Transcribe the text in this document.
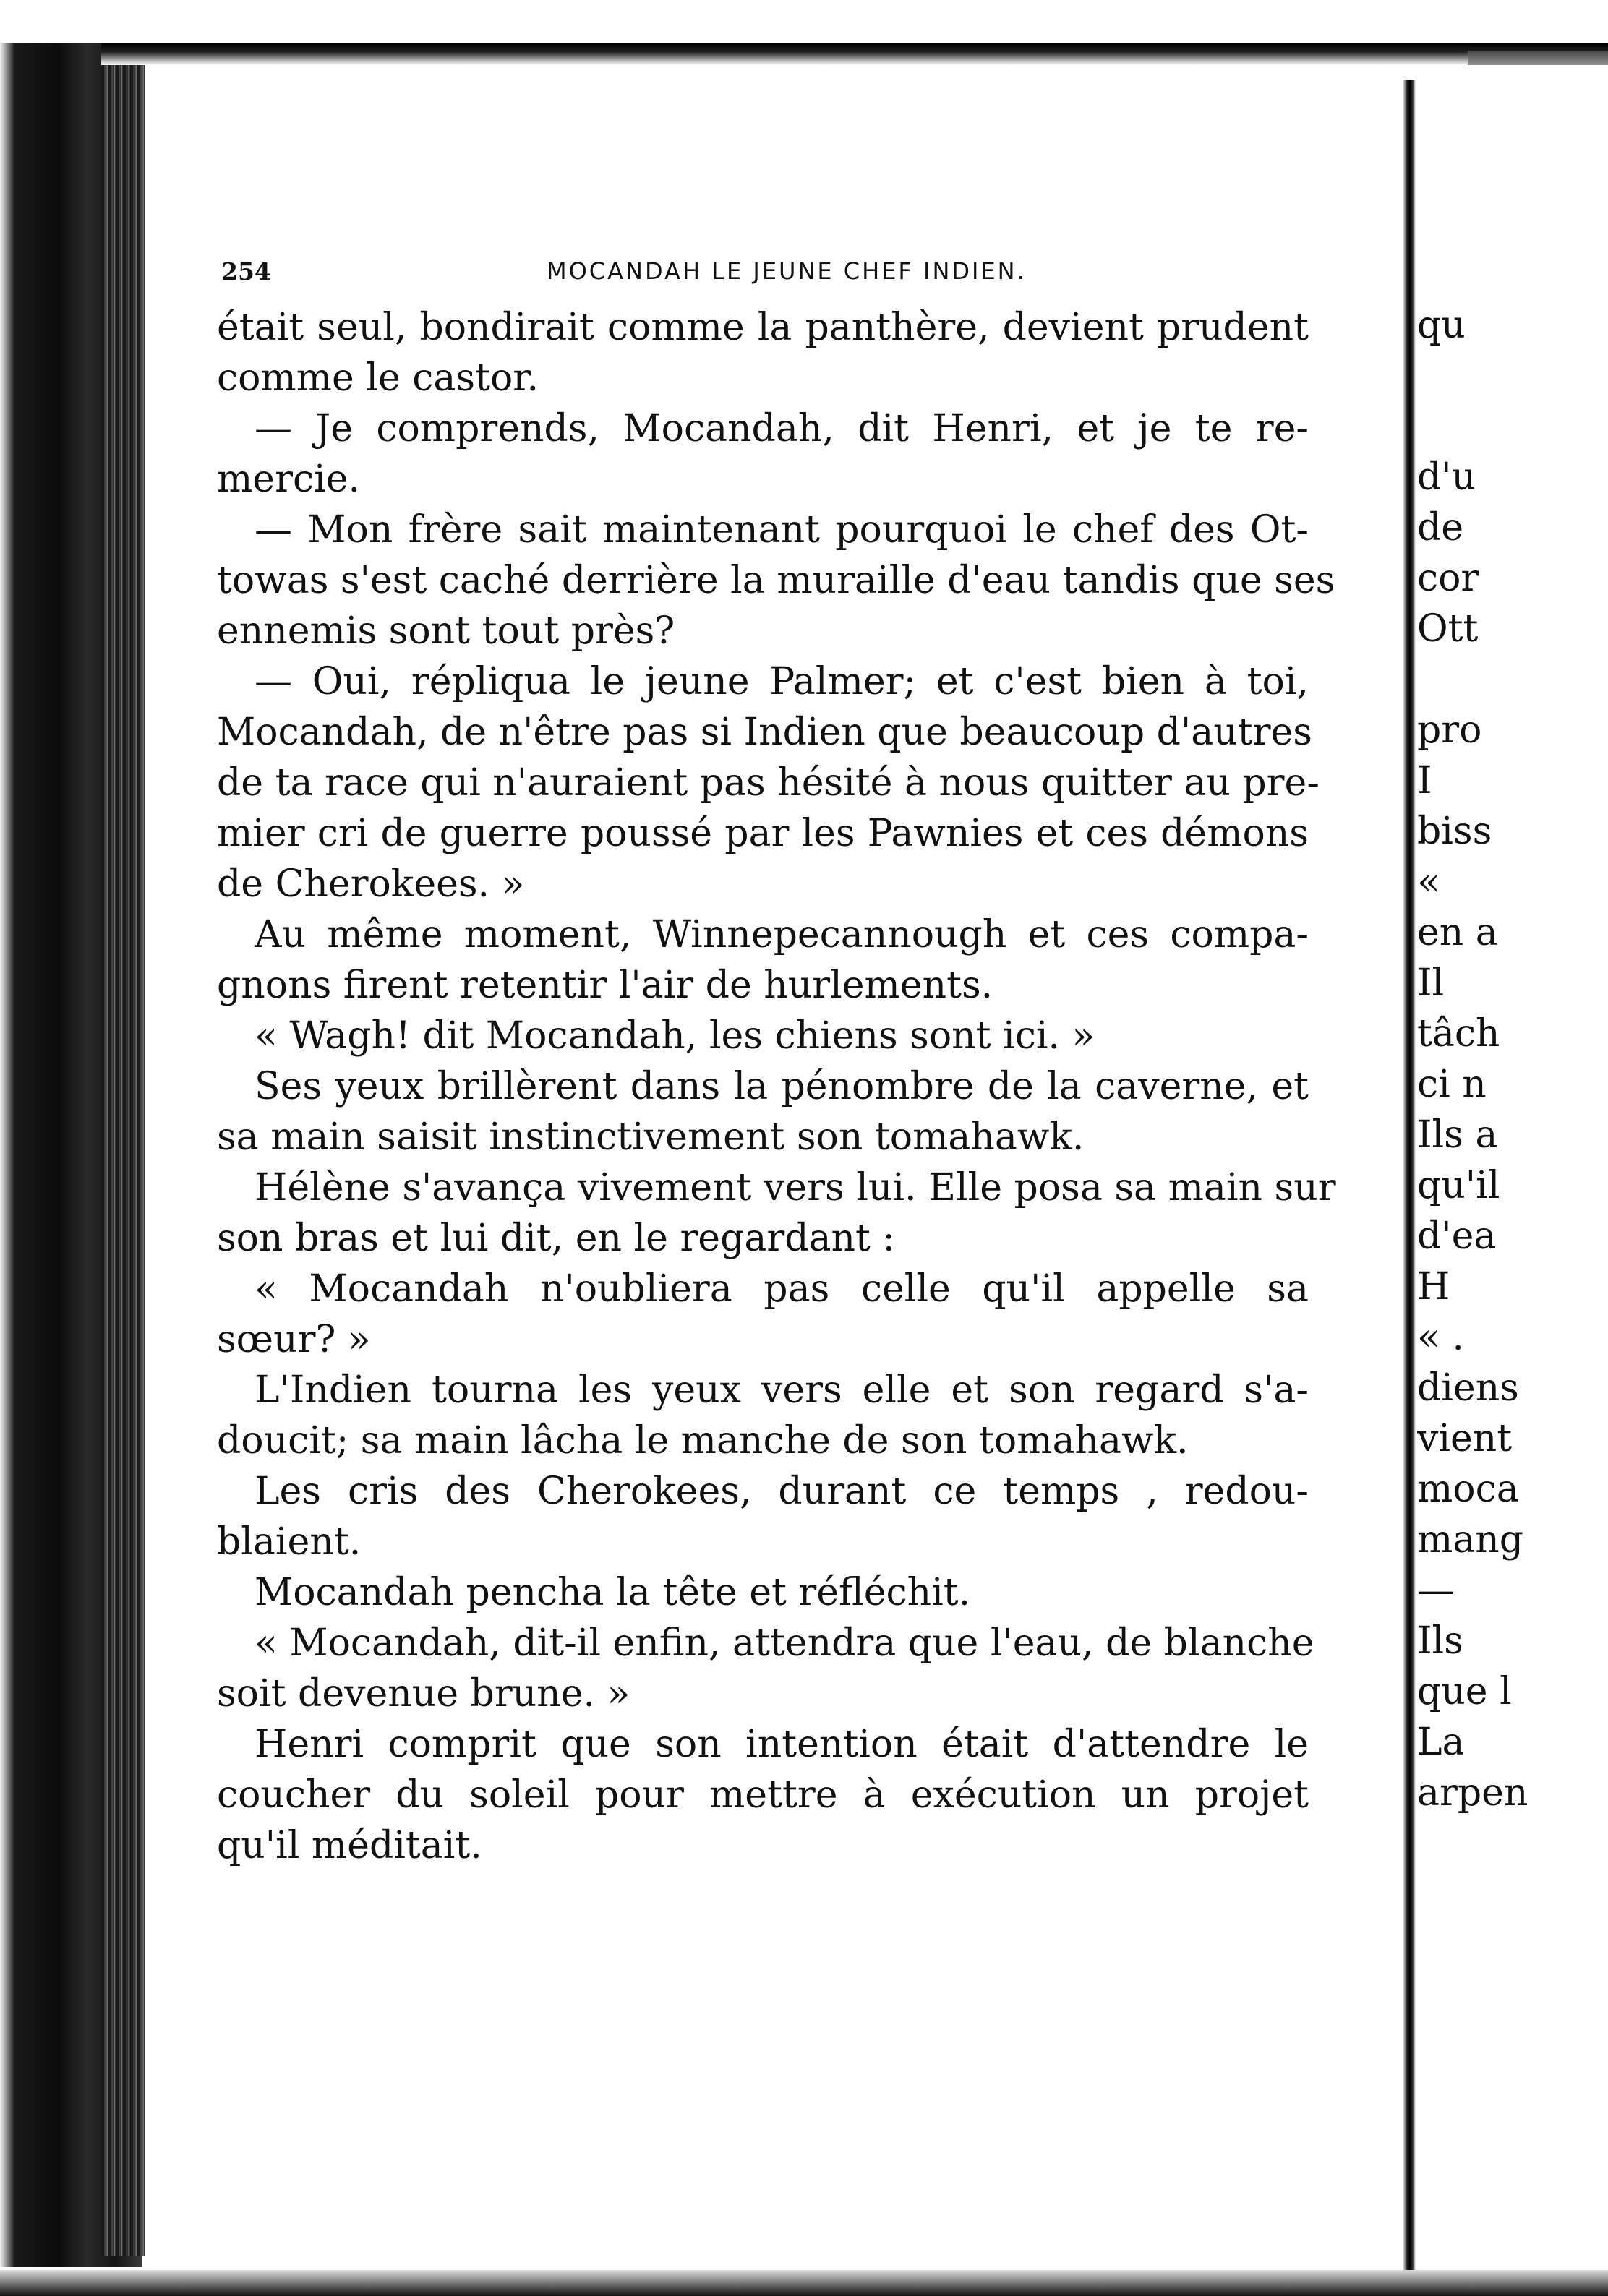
254	MOCANDAH LE JEUNE CHEF INDIEN.
était seul, bondirait comme la panthère, devient prudent
comme le castor.
— Je comprends, Mocandah, dit Henri, et je te re-
mercie.
— Mon frère sait maintenant pourquoi le chef des Ot-
towas s'est caché derrière la muraille d'eau tandis que ses
ennemis sont tout près?
— Oui, répliqua le jeune Palmer; et c'est bien à toi,
Mocandah, de n'être pas si Indien que beaucoup d'autres
de ta race qui n'auraient pas hésité à nous quitter au pre-
mier cri de guerre poussé par les Pawnies et ces démons
de Cherokees. »
Au même moment, Winnepecannough et ces compa-
gnons firent retentir l'air de hurlements.
« Wagh! dit Mocandah, les chiens sont ici. »
Ses yeux brillèrent dans la pénombre de la caverne, et
sa main saisit instinctivement son tomahawk.
Hélène s'avança vivement vers lui. Elle posa sa main sur
son bras et lui dit, en le regardant :
« Mocandah n'oubliera pas celle qu'il appelle sa
sœur? »
L'Indien tourna les yeux vers elle et son regard s'a-
doucit; sa main lâcha le manche de son tomahawk.
Les cris des Cherokees, durant ce temps , redou-
blaient.
Mocandah pencha la tête et réfléchit.
« Mocandah, dit-il enfin, attendra que l'eau, de blanche
soit devenue brune. »
Henri comprit que son intention était d'attendre le
coucher du soleil pour mettre à exécution un projet
qu'il méditait.
qu
d'u
de
cor
Ott
pro
I
biss
«
en a
Il
tâch
ci n
Ils a
qu'il
d'ea
H
« .
diens
vient
moca
mang
—
Ils
que l
La
arpen
